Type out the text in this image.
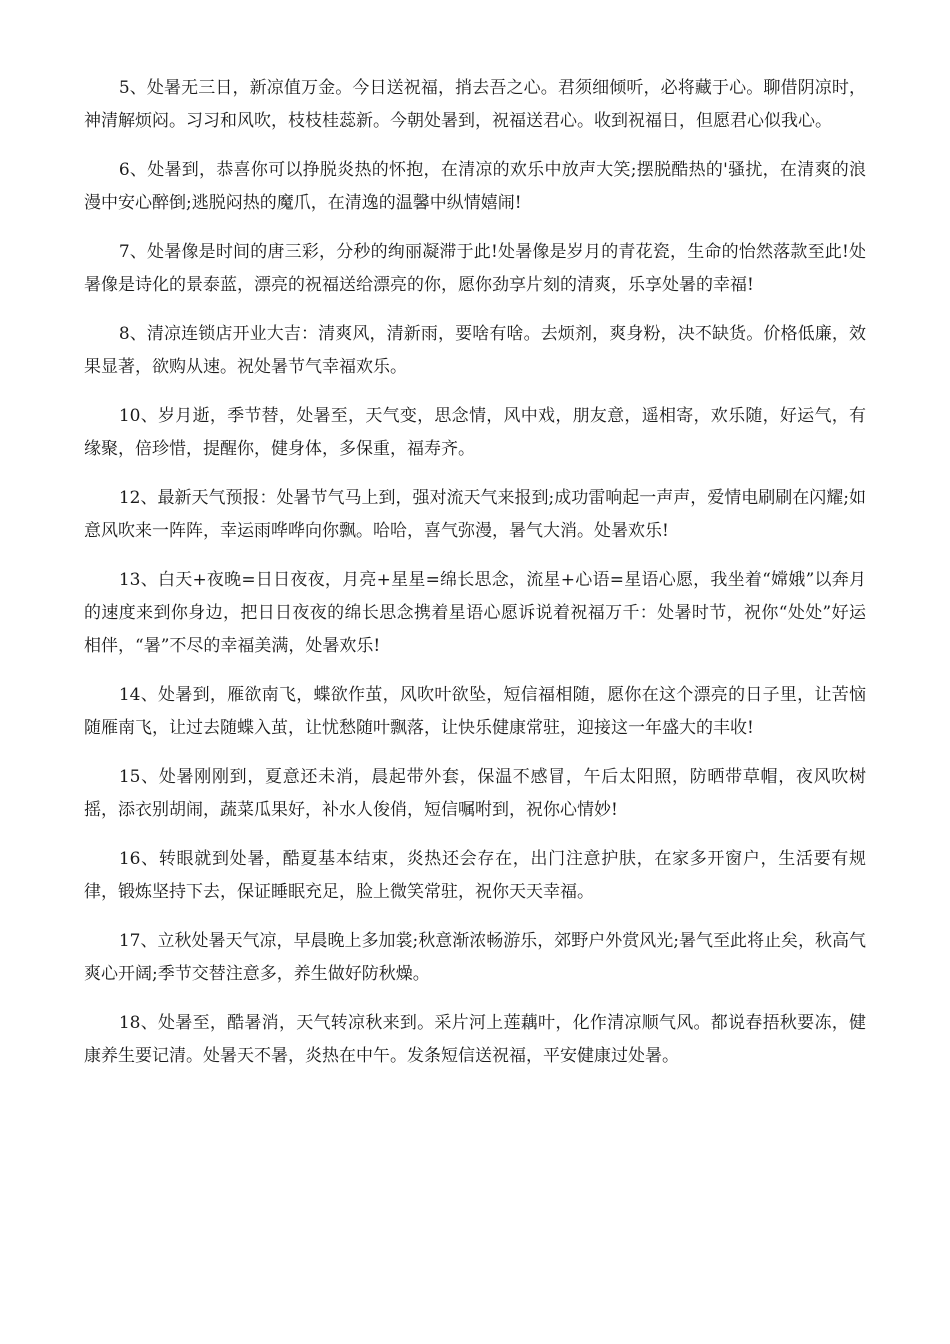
5、处暑无三日，新凉值万金。今日送祝福，捎去吾之心。君须细倾听，必将藏于心。聊借阴凉时，神清解烦闷。习习和风吹，枝枝桂蕊新。今朝处暑到，祝福送君心。收到祝福日，但愿君心似我心。

6、处暑到，恭喜你可以挣脱炎热的怀抱，在清凉的欢乐中放声大笑;摆脱酷热的'骚扰，在清爽的浪漫中安心醉倒;逃脱闷热的魔爪，在清逸的温馨中纵情嬉闹!

7、处暑像是时间的唐三彩，分秒的绚丽凝滞于此!处暑像是岁月的青花瓷，生命的怡然落款至此!处暑像是诗化的景泰蓝，漂亮的祝福送给漂亮的你，愿你劲享片刻的清爽，乐享处暑的幸福!

8、清凉连锁店开业大吉：清爽风，清新雨，要啥有啥。去烦剂，爽身粉，决不缺货。价格低廉，效果显著，欲购从速。祝处暑节气幸福欢乐。

10、岁月逝，季节替，处暑至，天气变，思念情，风中戏，朋友意，遥相寄，欢乐随，好运气，有缘聚，倍珍惜，提醒你，健身体，多保重，福寿齐。

12、最新天气预报：处暑节气马上到，强对流天气来报到;成功雷响起一声声，爱情电刷刷在闪耀;如意风吹来一阵阵，幸运雨哗哗向你飘。哈哈，喜气弥漫，暑气大消。处暑欢乐!

13、白天+夜晚=日日夜夜，月亮+星星=绵长思念，流星+心语=星语心愿，我坐着“嫦娥”以奔月的速度来到你身边，把日日夜夜的绵长思念携着星语心愿诉说着祝福万千：处暑时节，祝你“处处”好运相伴，“暑”不尽的幸福美满，处暑欢乐!

14、处暑到，雁欲南飞，蝶欲作茧，风吹叶欲坠，短信福相随，愿你在这个漂亮的日子里，让苦恼随雁南飞，让过去随蝶入茧，让忧愁随叶飘落，让快乐健康常驻，迎接这一年盛大的丰收!

15、处暑刚刚到，夏意还未消，晨起带外套，保温不感冒，午后太阳照，防晒带草帽，夜风吹树摇，添衣别胡闹，蔬菜瓜果好，补水人俊俏，短信嘱咐到，祝你心情妙!

16、转眼就到处暑，酷夏基本结束，炎热还会存在，出门注意护肤，在家多开窗户，生活要有规律，锻炼坚持下去，保证睡眠充足，脸上微笑常驻，祝你天天幸福。

17、立秋处暑天气凉，早晨晚上多加裳;秋意渐浓畅游乐，郊野户外赏风光;暑气至此将止矣，秋高气爽心开阔;季节交替注意多，养生做好防秋燥。

18、处暑至，酷暑消，天气转凉秋来到。采片河上莲藕叶，化作清凉顺气风。都说春捂秋要冻，健康养生要记清。处暑天不暑，炎热在中午。发条短信送祝福，平安健康过处暑。
